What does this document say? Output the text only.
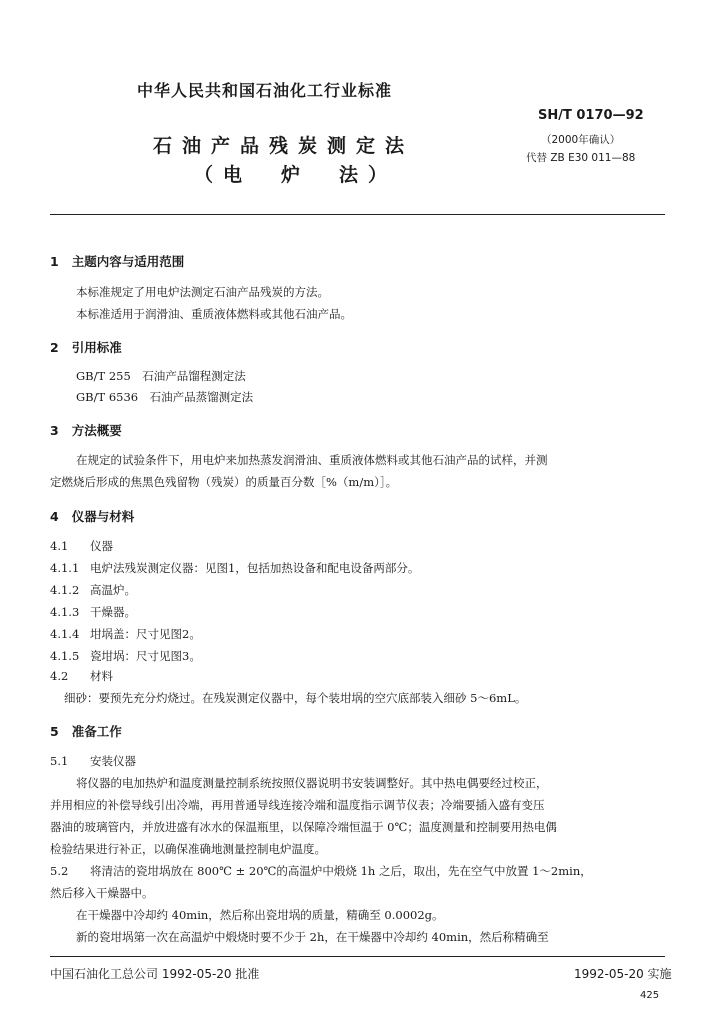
中华人民共和国石油化工行业标准
SH/T 0170—92
（2000年确认）
代替 ZB E30 011—88
石油产品残炭测定法
（电　炉　法）
1 主题内容与适用范围
本标准规定了用电炉法测定石油产品残炭的方法。
本标准适用于润滑油、重质液体燃料或其他石油产品。
2 引用标准
GB/T 255　石油产品馏程测定法
GB/T 6536　石油产品蒸馏测定法
3 方法概要
在规定的试验条件下，用电炉来加热蒸发润滑油、重质液体燃料或其他石油产品的试样，并测
定燃烧后形成的焦黑色残留物（残炭）的质量百分数［%（m/m）］。
4 仪器与材料
4.1 仪器
4.1.1 电炉法残炭测定仪器：见图1，包括加热设备和配电设备两部分。
4.1.2 高温炉。
4.1.3 干燥器。
4.1.4 坩埚盖：尺寸见图2。
4.1.5 瓷坩埚：尺寸见图3。
4.2 材料
细砂：要预先充分灼烧过。在残炭测定仪器中，每个装坩埚的空穴底部装入细砂 5～6mL。
5 准备工作
5.1 安装仪器
将仪器的电加热炉和温度测量控制系统按照仪器说明书安装调整好。其中热电偶要经过校正，
并用相应的补偿导线引出冷端，再用普通导线连接冷端和温度指示调节仪表；冷端要插入盛有变压
器油的玻璃管内，并放进盛有冰水的保温瓶里，以保障冷端恒温于 0℃；温度测量和控制要用热电偶
检验结果进行补正，以确保准确地测量控制电炉温度。
5.2 将清洁的瓷坩埚放在 800℃ ± 20℃的高温炉中煅烧 1h 之后，取出，先在空气中放置 1～2min，
然后移入干燥器中。
在干燥器中冷却约 40min，然后称出瓷坩埚的质量，精确至 0.0002g。
新的瓷坩埚第一次在高温炉中煅烧时要不少于 2h，在干燥器中冷却约 40min，然后称精确至
中国石油化工总公司 1992-05-20 批准	1992-05-20 实施
425
